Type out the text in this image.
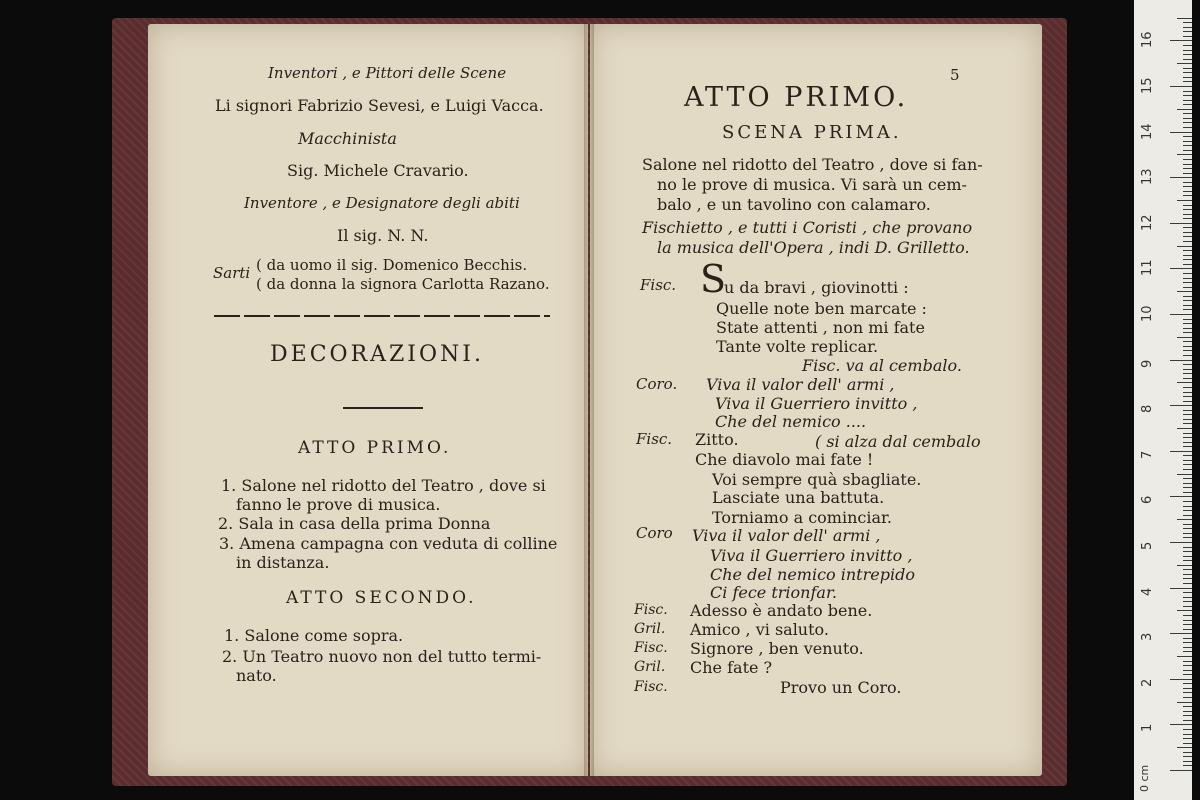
Inventori , e Pittori delle Scene
Li signori Fabrizio Sevesi, e Luigi Vacca.
Macchinista
Sig. Michele Cravario.
Inventore , e Designatore degli abiti
Il sig. N. N.
Sarti ( da uomo il sig. Domenico Becchis.
( da donna la signora Carlotta Razano.
DECORAZIONI.
ATTO PRIMO.
1. Salone nel ridotto del Teatro , dove si
fanno le prove di musica.
2. Sala in casa della prima Donna
3. Amena campagna con veduta di colline
in distanza.
ATTO SECONDO.
1. Salone come sopra.
2. Un Teatro nuovo non del tutto termi-
nato.
5
ATTO PRIMO.
SCENA PRIMA.
Salone nel ridotto del Teatro , dove si fan-
no le prove di musica. Vi sarà un cem-
balo , e un tavolino con calamaro.
Fischietto , e tutti i Coristi , che provano
la musica dell'Opera , indi D. Grilletto.
Fisc. S
u da bravi , giovinotti :
Quelle note ben marcate :
State attenti , non mi fate
Tante volte replicar.
Fisc. va al cembalo.
Coro. Viva il valor dell' armi ,
Viva il Guerriero invitto ,
Che del nemico ....
Fisc. Zitto.	( si alza dal cembalo
Che diavolo mai fate !
Voi sempre quà sbagliate.
Lasciate una battuta.
Torniamo a cominciar.
Coro Viva il valor dell' armi ,
Viva il Guerriero invitto ,
Che del nemico intrepido
Ci fece trionfar.
Fisc. Adesso è andato bene.
Gril. Amico , vi saluto.
Fisc. Signore , ben venuto.
Gril. Che fate ?
Fisc.	Provo un Coro.
0 cm
1
2
3
4
5
6
7
8
9
10
11
12
13
14
15
16
